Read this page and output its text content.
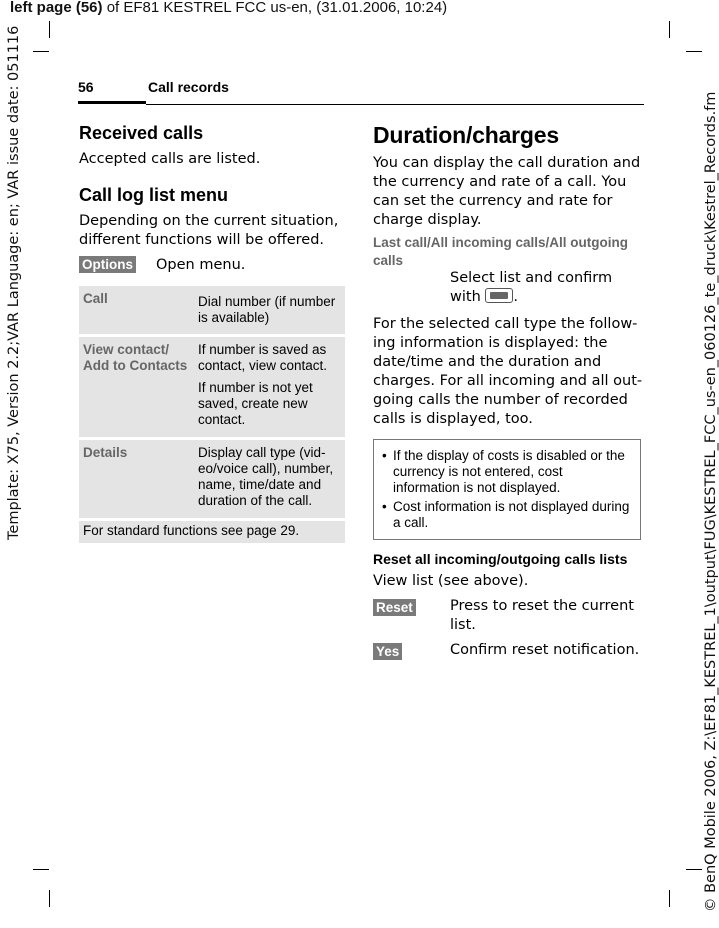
left page (56) of EF81 KESTREL FCC us-en, (31.01.2006, 10:24)
Template: X75, Version 2.2;VAR Language: en; VAR issue date: 051116	© BenQ Mobile 2006, Z:\EF81_KESTREL_1\output\FUG\KESTREL_FCC_us-en_060126_te_druck\Kestrel_Records.fm
56	Call records
Received calls

Accepted calls are listed.

Call log list menu

Depending on the current situation, different functions will be offered.

Options Open menu.
Call	Dial number (if number is available)

View contact/ Add to Contacts	If number is saved as contact, view contact.

If number is not yet saved, create new contact.

Details	Display call type (vid-eo/voice call), number, name, time/date and duration of the call.

For standard functions see page 29.	
Duration/charges

You can display the call duration and the currency and rate of a call. You can set the currency and rate for charge display.

Last call/All incoming calls/All outgoing calls

Select list and confirm with .

For the selected call type the follow-ing information is displayed: the date/time and the duration and charges. For all incoming and all out-going calls the number of recorded calls is displayed, too.

• If the display of costs is disabled or the currency is not entered, cost information is not displayed.
• Cost information is not displayed during a call.
Reset all incoming/outgoing calls lists

View list (see above).

Reset	Press to reset the current list.

Yes	Confirm reset notification.
